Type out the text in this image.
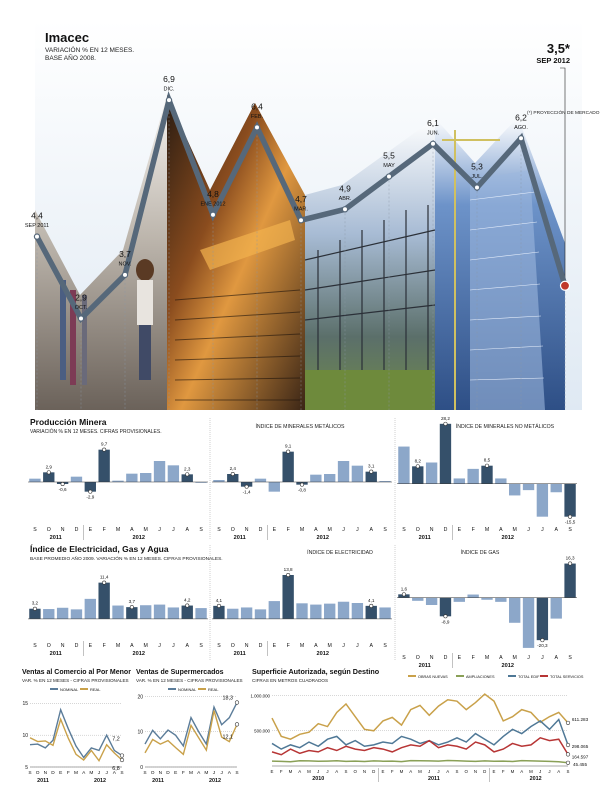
4,4
SEP 2011
2,9
OCT.
3,7
NOV.
6,9
DIC.
4,8
ENE 2012
6,4
FEB.
4,7
MAR.
4,9
ABR.
5,5
MAY
6,1
JUN.
5,3
JUL.
6,2
AGO.
Imacec
VARIACIÓN % EN 12 MESES.
BASE AÑO 2008.
3,5*
SEP 2012
(*) PROYECCIÓN DE MERCADO
Producción Minera
VARIACIÓN % EN 12 MESES. CIFRAS PROVISIONALES.
ÍNDICE DE MINERALES METÁLICOS	ÍNDICE DE MINERALES NO METÁLICOS
2,9
-0,6
-2,9
9,7
2,3
S O N D E F M A M J J A S
2011	2012
2,4
-1,4
9,1
-0,8
3,1
S O N D E F M A M J J A S
2011	2012
8,2
28,2
8,5
-15,5
S O N D E F M A M J J A S
2011	2012
Índice de Electricidad, Gas y Agua
BASE PROMEDIO AÑO 2009. VARIACIÓN % EN 12 MESES. CIFRAS PROVISIONALES.
ÍNDICE DE ELECTRICIDAD	ÍNDICE DE GAS
3,2
11,4
3,7	4,2
S O N D E F M A M J J A S
2011	2012
4,1
13,8
4,1
S O N D E F M A M J J A S
2011	2012
1,6
-8,9
-20,3
16,3
S O N D E F M A M J J A S
2011	2012
Ventas al Comercio al Por Menor
VAR. % EN 12 MESES - CIFRAS PROVISIONALES
NOMINAL	REAL
5
10
15
S O N D E F M A M J J A S
7,2
6,8
2011	2012
Ventas de Supermercados
VAR. % EN 12 MESES - CIFRAS PROVISIONALES
NOMINAL	REAL
0
10
20
S O N D E F M A M J J A S
18,3
12,1
2011	2012
Superficie Autorizada, según Destino
CIFRAS EN METROS CUADRADOS
OBRAS NUEVAS	AMPLIACIONES	TOTAL EDIF	TOTAL SERVICIOS
1.000.000
500.000
E F M A M J J A S O N D E F M A M J J A S O N D E F M A M J J A S
611.283
298.065
164.597
45.455
2010	2011	2012
